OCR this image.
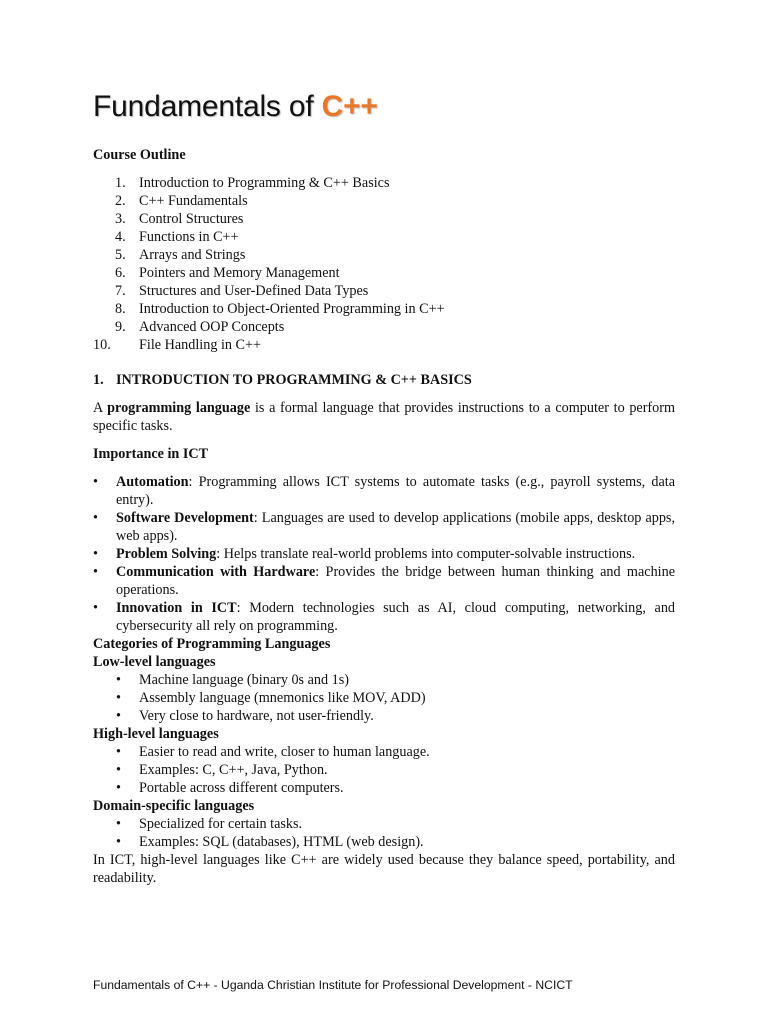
Fundamentals of C++
Course Outline
1. Introduction to Programming & C++ Basics
2. C++ Fundamentals
3. Control Structures
4. Functions in C++
5. Arrays and Strings
6. Pointers and Memory Management
7. Structures and User-Defined Data Types
8. Introduction to Object-Oriented Programming in C++
9. Advanced OOP Concepts
10. File Handling in C++
1. INTRODUCTION TO PROGRAMMING & C++ BASICS

A programming language is a formal language that provides instructions to a computer to perform specific tasks.

Importance in ICT
• Automation: Programming allows ICT systems to automate tasks (e.g., payroll systems, data entry).
• Software Development: Languages are used to develop applications (mobile apps, desktop apps, web apps).
• Problem Solving: Helps translate real-world problems into computer-solvable instructions.
• Communication with Hardware: Provides the bridge between human thinking and machine operations.
• Innovation in ICT: Modern technologies such as AI, cloud computing, networking, and cybersecurity all rely on programming.
Categories of Programming Languages
Low-level languages
• Machine language (binary 0s and 1s)
• Assembly language (mnemonics like MOV, ADD)
• Very close to hardware, not user-friendly.
High-level languages
• Easier to read and write, closer to human language.
• Examples: C, C++, Java, Python.
• Portable across different computers.
Domain-specific languages
• Specialized for certain tasks.
• Examples: SQL (databases), HTML (web design).

In ICT, high-level languages like C++ are widely used because they balance speed, portability, and readability.

Fundamentals of C++ - Uganda Christian Institute for Professional Development - NCICT
